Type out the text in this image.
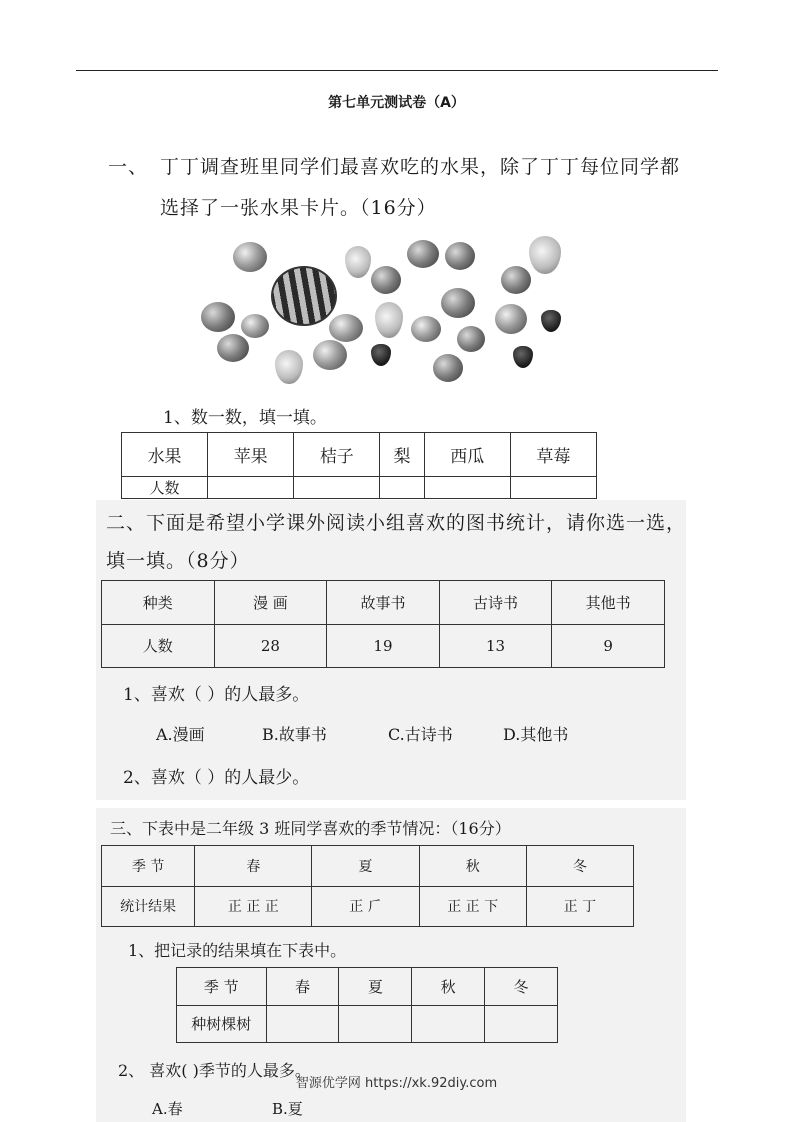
第七单元测试卷（A）
一、 丁丁调查班里同学们最喜欢吃的水果，除了丁丁每位同学都
选择了一张水果卡片。（16分）
1、数一数，填一填。
水果	苹果	桔子	梨	西瓜	草莓
人数					
二、下面是希望小学课外阅读小组喜欢的图书统计，请你选一选，
填一填。（8分）
种类	漫 画	故事书	古诗书	其他书
人数	28	19	13	9
1、喜欢（ ）的人最多。
A.漫画	B.故事书	C.古诗书	D.其他书
2、喜欢（ ）的人最少。
三、下表中是二年级 3 班同学喜欢的季节情况：（16分）
季 节	春	夏	秋	冬
统计结果	正 正 正	正 𠂆	正 正 下	正 丁
1、把记录的结果填在下表中。
季 节	春	夏	秋	冬
种树棵树				
2、 喜欢( )季节的人最多。
A.春	B.夏
智源优学网 https://xk.92diy.com
